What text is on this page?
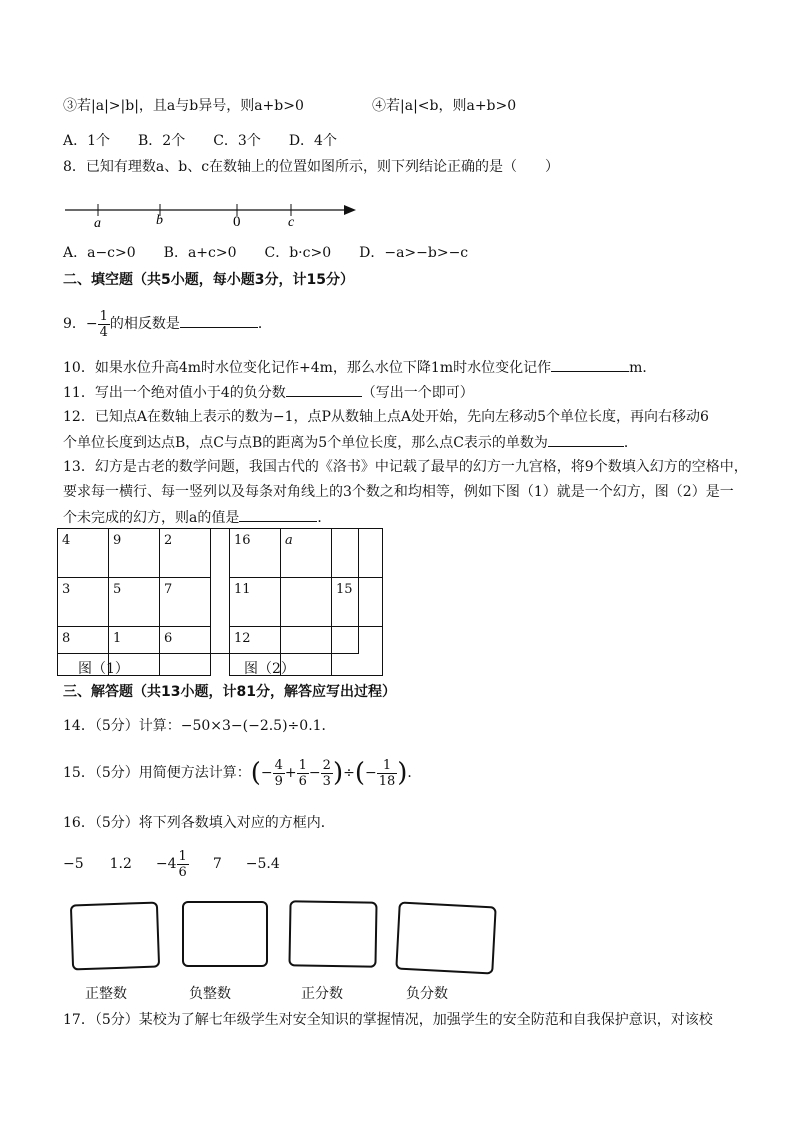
③若|a|>|b|，且a与b异号，则a+b>0	④若|a|<b，则a+b>0
A．1个　　B．2个　　C．3个　　D．4个
8．已知有理数a、b、c在数轴上的位置如图所示，则下列结论正确的是（　　）
a	b	0	c
A．a−c>0　　B．a+c>0　　C．b·c>0　　D．−a>−b>−c
二、填空题（共5小题，每小题3分，计15分）
9．− $\frac{1}{4}$ 的相反数是	．
10．如果水位升高4m时水位变化记作+4m，那么水位下降1m时水位变化记作	m．
11．写出一个绝对值小于4的负分数	（写出一个即可）
12．已知点A在数轴上表示的数为−1，点P从数轴上点A处开始，先向左移动5个单位长度，再向右移动6
个单位长度到达点B，点C与点B的距离为5个单位长度，那么点C表示的单数为	．
13．幻方是古老的数学问题，我国古代的《洛书》中记载了最早的幻方一九宫格，将9个数填入幻方的空格中，
要求每一横行、每一竖列以及每条对角线上的3个数之和均相等，例如下图（1）就是一个幻方，图（2）是一
个未完成的幻方，则a的值是	．
4	9	2
3	5	7
8	1	6
16	a	
11		15
12		
图（1）	图（2）
三、解答题（共13小题，计81分，解答应写出过程）
14．（5分）计算：−50×3−(−2.5)÷0.1．
15．（5分）用简便方法计算：(− $\frac{4}{9} + \frac{1}{6} - \frac{2}{3}$ )÷(− $\frac{1}{18}$ )．
16．（5分）将下列各数填入对应的方框内．
−5 $1.2 -4 \frac{1}{6} 7 -5.4$
正整数	负整数	正分数	负分数
17．（5分）某校为了解七年级学生对安全知识的掌握情况，加强学生的安全防范和自我保护意识，对该校
